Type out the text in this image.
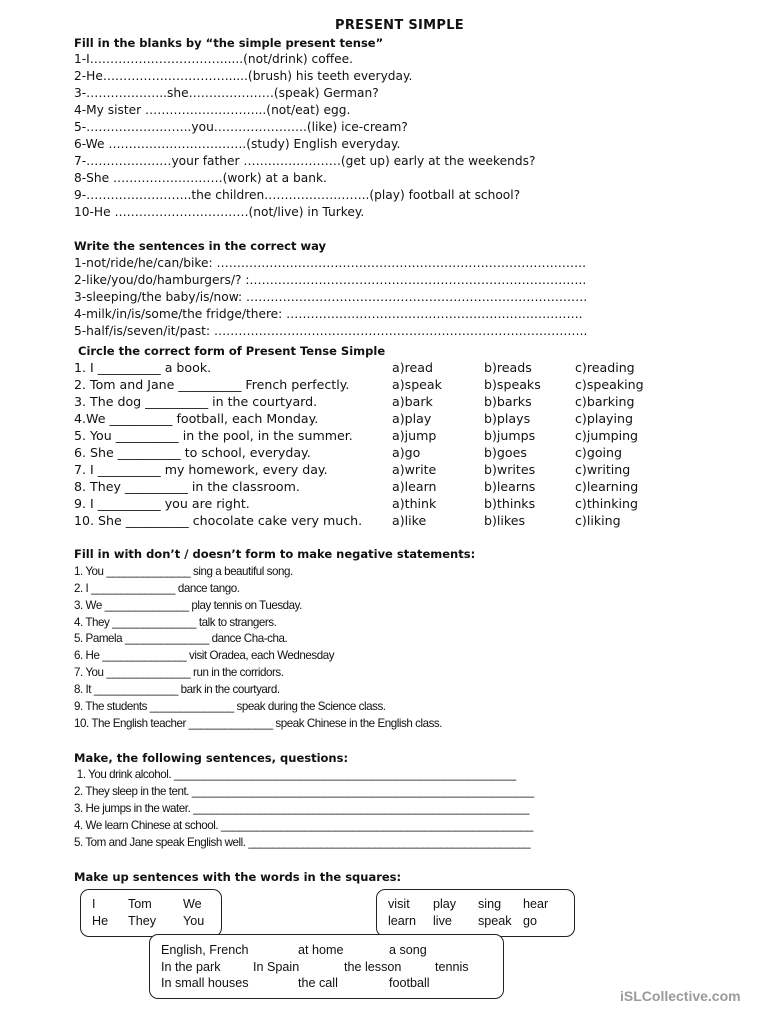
PRESENT SIMPLE
Fill in the blanks by “the simple present tense”
1-I…………………………….....(not/drink) coffee.
2-He…………………………......(brush) his teeth everyday.
3-………………..she…………………(speak) German?
4-My sister ………………………...(not/eat) egg.
5-……………………..you…………………..(like) ice-cream?
6-We …………………………….(study) English everyday.
7-…………………your father ……………………(get up) early at the weekends?
8-She ………………………(work) at a bank.
9-……………………..the children……………………..(play) football at school?
10-He ……………………………(not/live) in Turkey.
Write the sentences in the correct way
1-not/ride/he/can/bike: ……………………………………………………………………………….
2-like/you/do/hamburgers/? :………………………………………………………………………..
3-sleeping/the baby/is/now: …………………………………………………………………………
4-milk/in/is/some/the fridge/there: ……………………………………………………………….
5-half/is/seven/it/past: ………………………………………………………………………………..
Circle the correct form of Present Tense Simple
1. I __________ a book.	a)read	b)reads	c)reading
2. Tom and Jane __________ French perfectly.	a)speak	b)speaks	c)speaking
3. The dog __________ in the courtyard.	a)bark	b)barks	c)barking
4.We __________ football, each Monday.	a)play	b)plays	c)playing
5. You __________ in the pool, in the summer.	a)jump	b)jumps	c)jumping
6. She __________ to school, everyday.	a)go	b)goes	c)going
7. I __________ my homework, every day.	a)write	b)writes	c)writing
8. They __________ in the classroom.	a)learn	b)learns	c)learning
9. I __________ you are right.	a)think	b)thinks	c)thinking
10. She __________ chocolate cake very much. a)like	b)likes	c)liking
Fill in with don’t / doesn’t form to make negative statements:
1. You ______________ sing a beautiful song.
2. I ______________ dance tango.
3. We ______________ play tennis on Tuesday.
4. They ______________ talk to strangers.
5. Pamela ______________ dance Cha-cha.
6. He ______________ visit Oradea, each Wednesday
7. You ______________ run in the corridors.
8. It ______________ bark in the courtyard.
9. The students ______________ speak during the Science class.
10. The English teacher ______________ speak Chinese in the English class.
Make, the following sentences, questions:
1. You drink alcohol. _________________________________________________________
2. They sleep in the tent. _________________________________________________________
3. He jumps in the water. ________________________________________________________
4. We learn Chinese at school. ____________________________________________________
5. Tom and Jane speak English well. _______________________________________________
Make up sentences with the words in the squares:
I	Tom We
He They You
visit play sing hear
learn live speak go
English, French	at home	a song
In the park	In Spain	the lesson	tennis
In small houses	the call	football
iSLCollective.com
